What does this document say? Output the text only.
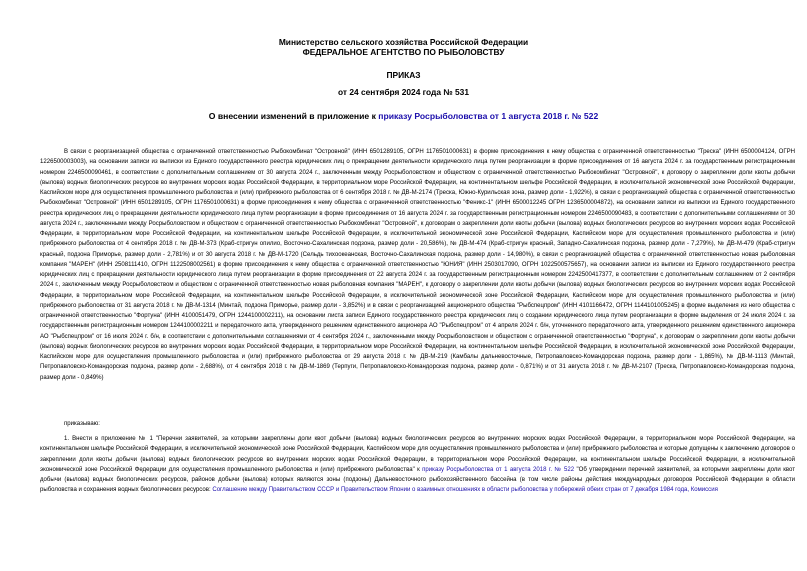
Министерство сельского хозяйства Российской Федерации
ФЕДЕРАЛЬНОЕ АГЕНТСТВО ПО РЫБОЛОВСТВУ
ПРИКАЗ
от 24 сентября 2024 года № 531
О внесении изменений в приложение к приказу Росрыболовства от 1 августа 2018 г. № 522

В связи с реорганизацией общества с ограниченной ответственностью Рыбокомбинат "Островной" (ИНН 6501289105, ОГРН 1176501000631) в форме присоединения к нему общества с ограниченной ответственностью "Треска" (ИНН 6500004124, ОГРН 1226500003003), на основании записи из выписки из Единого государственного реестра юридических лиц о прекращении деятельности юридического лица путем реорганизации в форме присоединения от 16 августа 2024 г. за государственным регистрационным номером 2246500090461, в соответствии с дополнительным соглашением от 30 августа 2024 г., заключенным между Росрыболовством и обществом с ограниченной ответственностью Рыбокомбинат "Островной", к договору о закреплении доли квоты добычи (вылова) водных биологических ресурсов во внутренних морских водах Российской Федерации, в территориальном море Российской Федерации, на континентальном шельфе Российской Федерации, в исключительной экономической зоне Российской Федерации, Каспийском море для осуществления промышленного рыболовства и (или) прибрежного рыболовства от 6 сентября 2018 г. № ДВ-М-2174 (Треска, Южно-Курильская зона, размер доли - 1,922%), в связи с реорганизацией общества с ограниченной ответственностью Рыбокомбинат "Островной" (ИНН 6501289105, ОГРН 1176501000631) в форме присоединения к нему общества с ограниченной ответственностью "Феникс-1" (ИНН 6500012245 ОГРН 1236500004872), на основании записи из выписки из Единого государственного реестра юридических лиц о прекращении деятельности юридического лица путем реорганизации в форме присоединения от 16 августа 2024 г. за государственным регистрационным номером 2246500090483, в соответствии с дополнительными соглашениями от 30 августа 2024 г., заключенными между Росрыболовством и обществом с ограниченной ответственностью Рыбокомбинат "Островной", к договорам о закреплении доли квоты добычи (вылова) водных биологических ресурсов во внутренних морских водах Российской Федерации, в территориальном море Российской Федерации, на континентальном шельфе Российской Федерации, в исключительной экономической зоне Российской Федерации, Каспийском море для осуществления промышленного рыболовства и (или) прибрежного рыболовства от 4 сентября 2018 г. № ДВ-М-373 (Краб-стригун опилио, Восточно-Сахалинская подзона, размер доли - 20,586%), № ДВ-М-474 (Краб-стригун красный, Западно-Сахалинская подзона, размер доли - 7,279%), № ДВ-М-479 (Краб-стригун красный, подзона Приморье, размер доли - 2,781%) и от 30 августа 2018 г. № ДВ-М-1720 (Сельдь тихоокеанская, Восточно-Сахалинская подзона, размер доли - 14,980%), в связи с реорганизацией общества с ограниченной ответственностью новая рыболовная компания "МАРЕН" (ИНН 2508111410, ОГРН 1122508002561) в форме присоединения к нему общества с ограниченной ответственностью "ЮНИЯ" (ИНН 2503017090, ОГРН 1022500575657), на основании записи из выписки из Единого государственного реестра юридических лиц с прекращении деятельности юридического лица путем реорганизации в форме присоединения от 22 августа 2024 г. за государственным регистрационным номером 2242500417377, в соответствии с дополнительным соглашением от 2 сентября 2024 г., заключенным между Росрыболовством и обществом с ограниченной ответственностью новая рыболовная компания "МАРЕН", к договору о закреплении доли квоты добычи (вылова) водных биологических ресурсов во внутренних морских водах Российской Федерации, в территориальном море Российской Федерации, на континентальном шельфе Российской Федерации, в исключительной экономической зоне Российской Федерации, Каспийском море для осуществления промышленного рыболовства и (или) прибрежного рыболовства от 31 августа 2018 г. № ДВ-М-1314 (Минтай, подзона Приморье, размер доли - 3,852%) и в связи с реорганизацией акционерного общества "Рыбспецпром" (ИНН 4101166472, ОГРН 1144101005245) в форме выделения из него общества с ограниченной ответственностью "Фортуна" (ИНН 4100051479, ОГРН 1244100002211), на основании листа записи Единого государственного реестра юридических лиц о создании юридического лица путем реорганизации в форме выделения от 24 июля 2024 г. за государственным регистрационным номером 1244100002211 и передаточного акта, утвержденного решением единственного акционера АО "Рыбспецпром" от 4 апреля 2024 г. б/н, уточненного передаточного акта, утвержденного решением единственного акционера АО "Рыбспецпром" от 16 июля 2024 г. б/н, в соответствии с дополнительными соглашениями от 4 сентября 2024 г., заключенными между Росрыболовством и обществом с ограниченной ответственностью "Фортуна", к договорам о закреплении доли квоты добычи (вылова) водных биологических ресурсов во внутренних морских водах Российской Федерации, в территориальном море Российской Федерации, на континентальном шельфе Российской Федерации, в исключительной экономической зоне Российской Федерации, Каспийском море для осуществления промышленного рыболовства и (или) прибрежного рыболовства от 29 августа 2018 г. № ДВ-М-219 (Камбалы дальневосточные, Петропавловско-Командорская подзона, размер доли - 1,865%), № ДВ-М-1113 (Минтай, Петропавловско-Командорская подзона, размер доли - 2,688%), от 4 сентября 2018 г. № ДВ-М-1869 (Терпуги, Петропавловско-Командорская подзона, размер доли - 0,871%) и от 31 августа 2018 г. № ДВ-М-2107 (Треска, Петропавловско-Командорская подзона, размер доли - 0,849%)

приказываю:

1. Внести в приложение № 1 "Перечни заявителей, за которыми закреплены доли квот добычи (вылова) водных биологических ресурсов во внутренних морских водах Российской Федерации, в территориальном море Российской Федерации, на континентальном шельфе Российской Федерации, в исключительной экономической зоне Российской Федерации, Каспийском море для осуществления промышленного рыболовства и (или) прибрежного рыболовства и которые допущены к заключению договоров о закреплении доли квоты добычи (вылова) водных биологических ресурсов во внутренних морских водах Российской Федерации, в территориальном море Российской Федерации, на континентальном шельфе Российской Федерации, в исключительной экономической зоне Российской Федерации для осуществления промышленного рыболовства и (или) прибрежного рыболовства" к приказу Росрыболовства от 1 августа 2018 г. № 522 "Об утверждении перечней заявителей, за которыми закреплены доли квот добычи (вылова) водных биологических ресурсов, районов добычи (вылова) которых являются зоны (подзоны) Дальневосточного рыбохозяйственного бассейна (в том числе районы действия международных договоров Российской Федерации в области рыболовства и сохранения водных биологических ресурсов: Соглашение между Правительством СССР и Правительством Японии о взаимных отношениях в области рыболовства у побережий обеих стран от 7 декабря 1984 года, Комиссия
